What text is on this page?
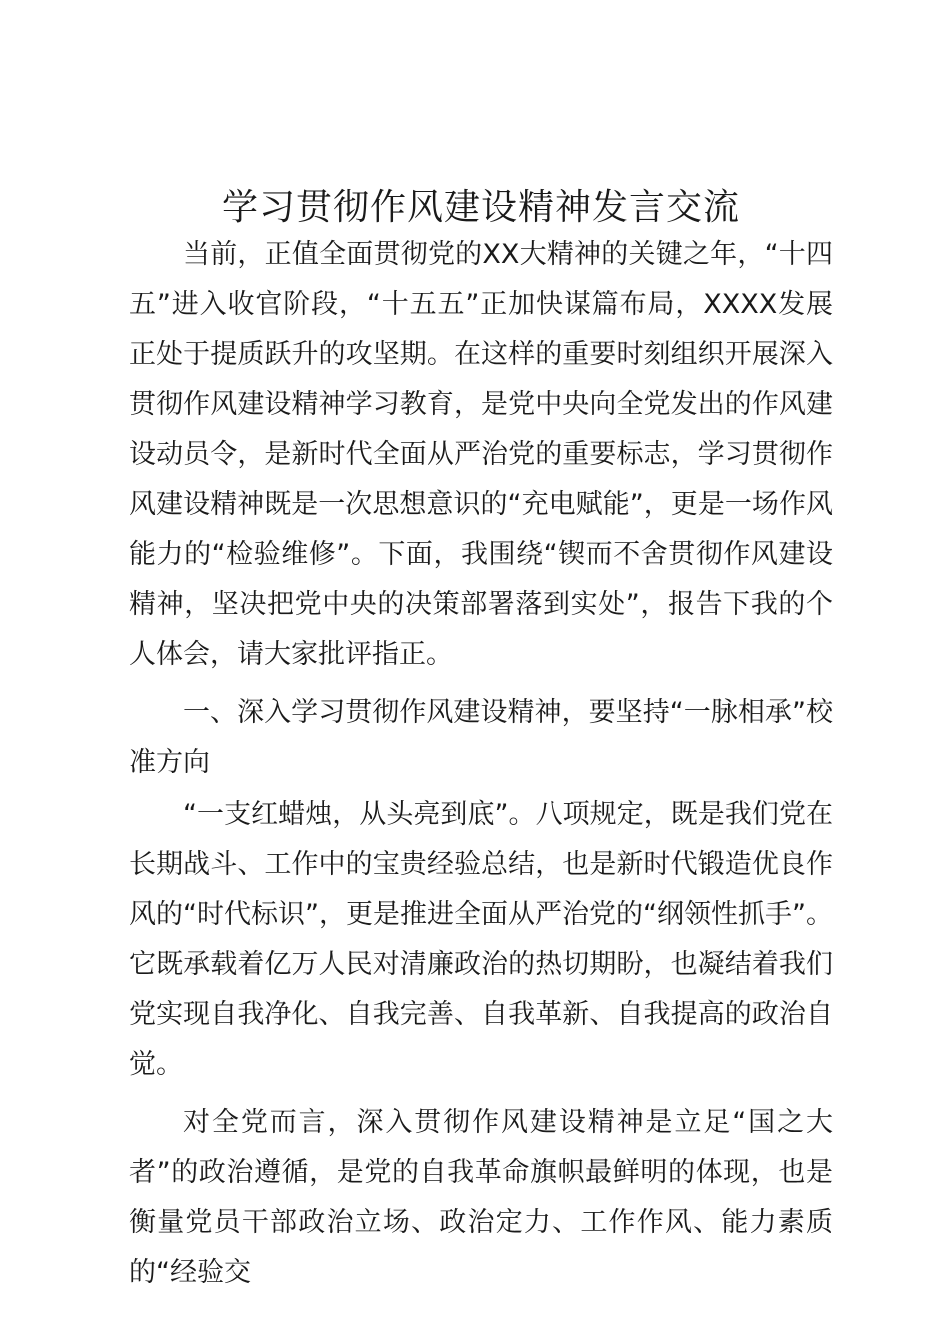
学习贯彻作风建设精神发言交流

当前，正值全面贯彻党的XX大精神的关键之年，“十四五”进入收官阶段，“十五五”正加快谋篇布局，XXXX发展正处于提质跃升的攻坚期。在这样的重要时刻组织开展深入贯彻作风建设精神学习教育，是党中央向全党发出的作风建设动员令，是新时代全面从严治党的重要标志，学习贯彻作风建设精神既是一次思想意识的“充电赋能”，更是一场作风能力的“检验维修”。下面，我围绕“锲而不舍贯彻作风建设精神，坚决把党中央的决策部署落到实处”，报告下我的个人体会，请大家批评指正。

一、深入学习贯彻作风建设精神，要坚持“一脉相承”校准方向

“一支红蜡烛，从头亮到底”。八项规定，既是我们党在长期战斗、工作中的宝贵经验总结，也是新时代锻造优良作风的“时代标识”，更是推进全面从严治党的“纲领性抓手”。它既承载着亿万人民对清廉政治的热切期盼，也凝结着我们党实现自我净化、自我完善、自我革新、自我提高的政治自觉。

对全党而言，深入贯彻作风建设精神是立足“国之大者”的政治遵循，是党的自我革命旗帜最鲜明的体现，也是衡量党员干部政治立场、政治定力、工作作风、能力素质的“经验交
